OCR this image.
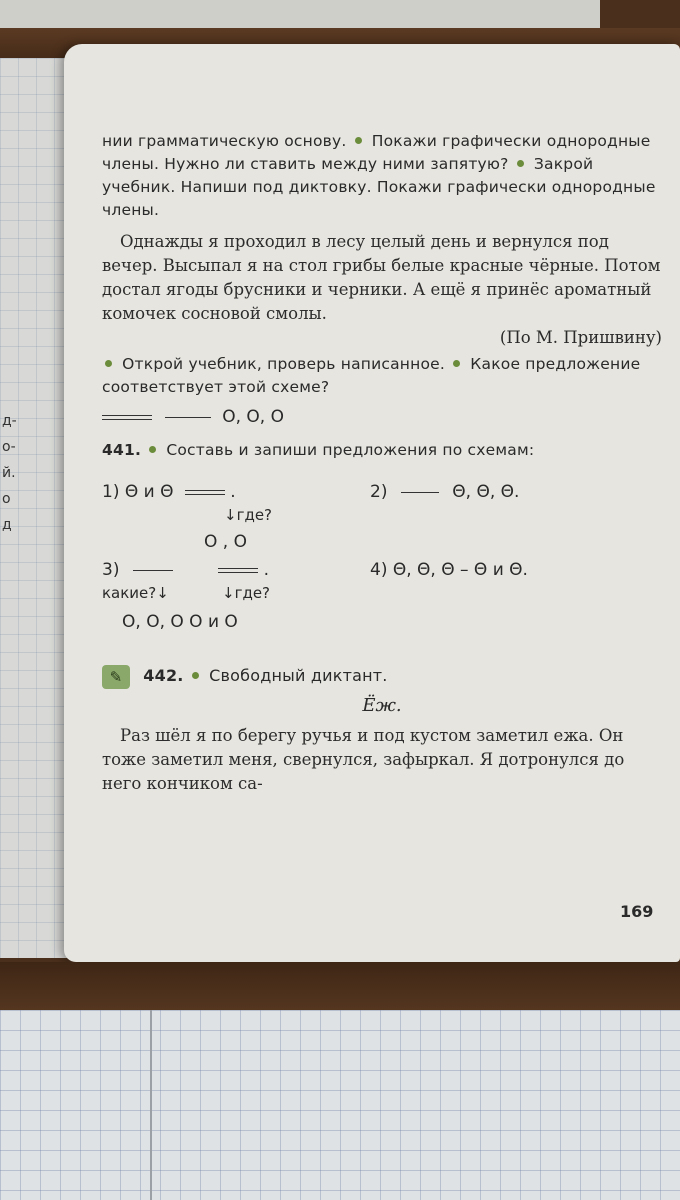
д-
о-
й.
о
д

нии грамматическую основу. Покажи графически однородные члены. Нужно ли ставить между ними запятую? Закрой учебник. Напиши под диктовку. Покажи графически однородные члены.

Однажды я проходил в лесу целый день и вернулся под вечер. Высыпал я на стол грибы белые красные чёрные. Потом достал ягоды брусники и черники. А ещё я принёс ароматный комочек сосновой смолы.
(По М. Пришвину)
Открой учебник, проверь написанное. Какое предложение соответствует этой схеме?
О, О, О
441. Составь и запиши предложения по схемам:
1) Θ и Θ	.
↓где?
О , О
2)	Θ, Θ, Θ.
3)	.
какие?↓	↓где?
О, О, О О и О
4) Θ, Θ, Θ – Θ и Θ.
✎ 442. Свободный диктант.
Ёж.
Раз шёл я по берегу ручья и под кустом заметил ежа. Он тоже заметил меня, свернулся, зафыркал. Я дотронулся до него кончиком са-
169
